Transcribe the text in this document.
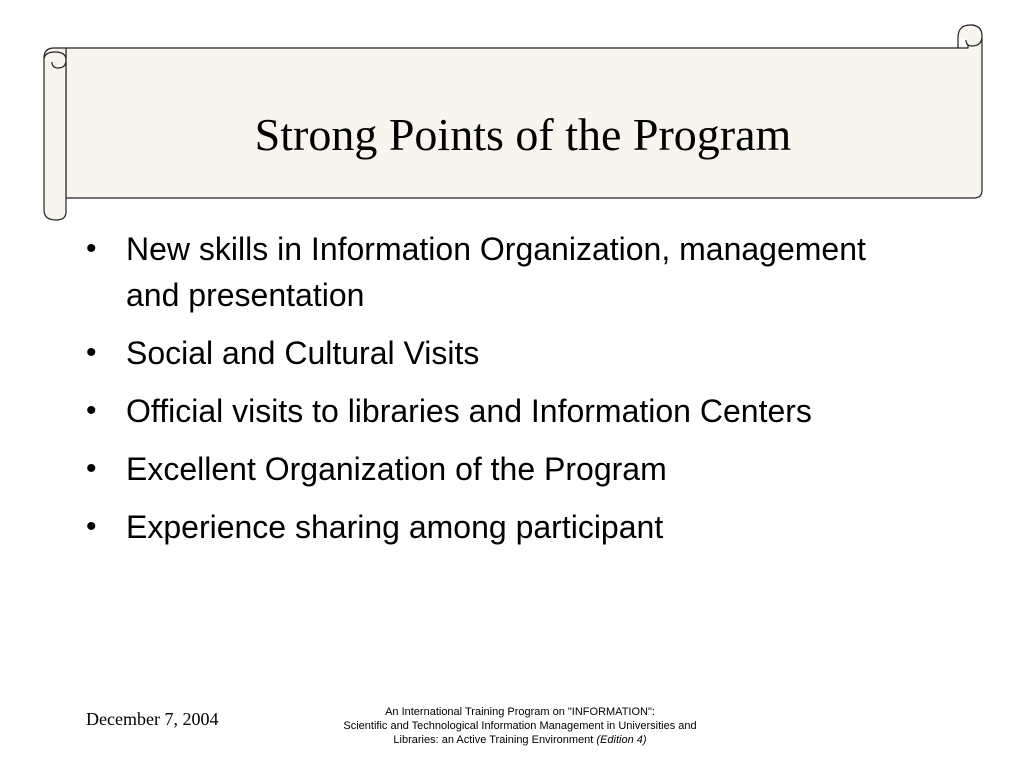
Strong Points of the Program
• New skills in Information Organization, management and presentation
• Social and Cultural Visits
• Official visits to libraries and Information Centers
• Excellent Organization of the Program
• Experience sharing among participant
December 7, 2004	An International Training Program on "INFORMATION":
Scientific and Technological Information Management in Universities and
Libraries: an Active Training Environment (Edition 4)
